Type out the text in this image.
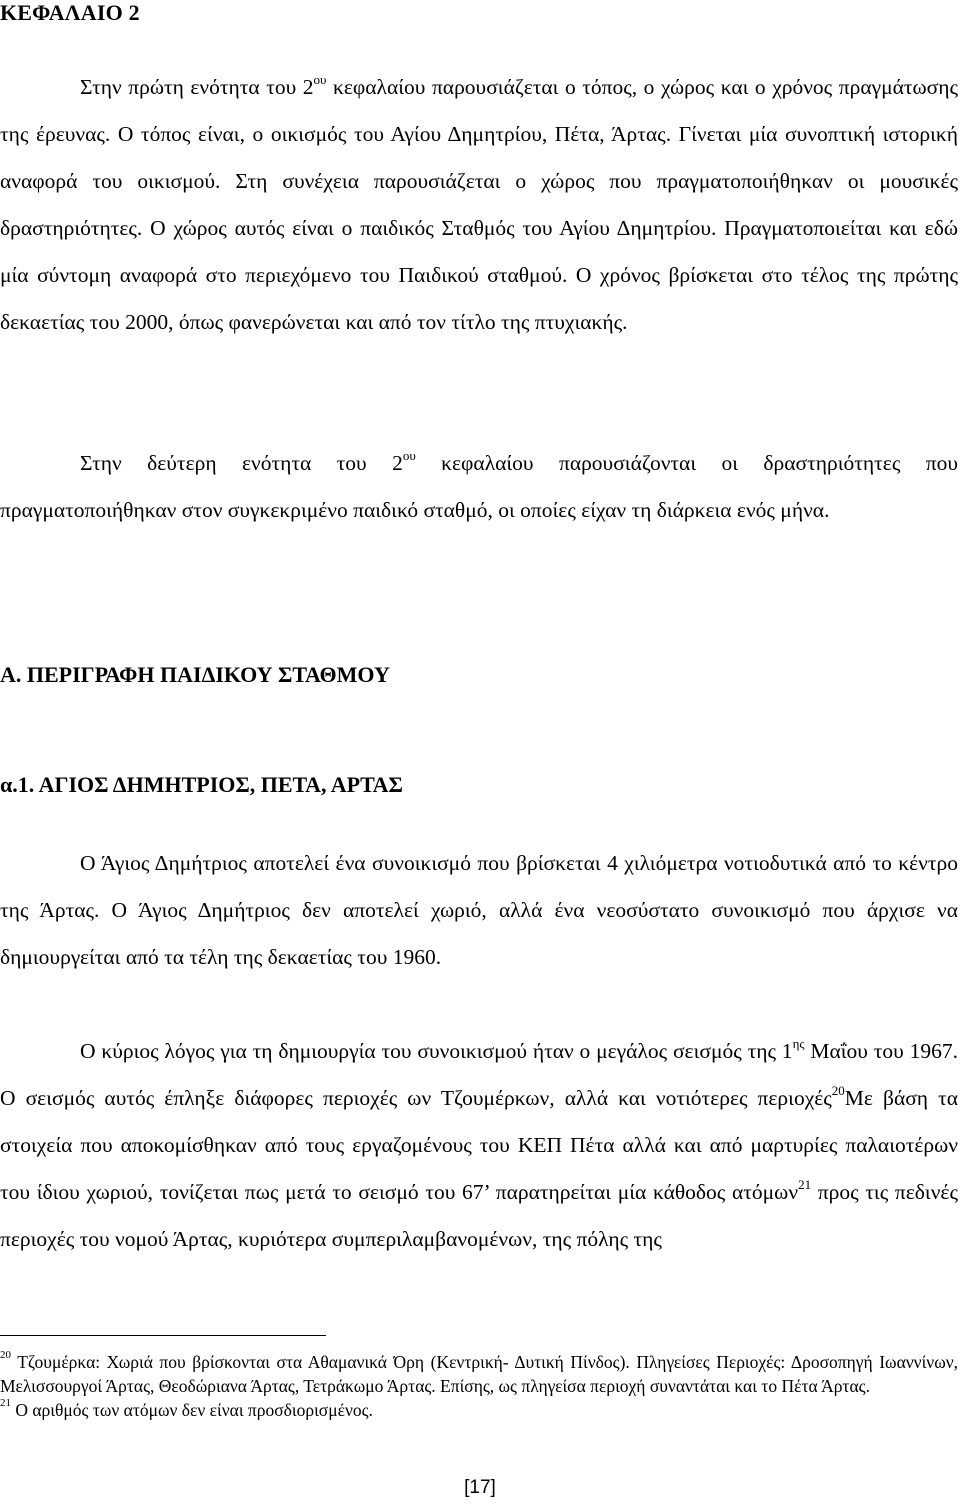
ΚΕΦΑΛΑΙΟ 2

Στην πρώτη ενότητα του $2^{o\upsilon}$ κεφαλαίου παρουσιάζεται ο τόπος, ο χώρος και ο χρόνος πραγμάτωσης της έρευνας. Ο τόπος είναι, ο οικισμός του Αγίου Δημητρίου, Πέτα, Άρτας. Γίνεται μία συνοπτική ιστορική αναφορά του οικισμού. Στη συνέχεια παρουσιάζεται ο χώρος που πραγματοποιήθηκαν οι μουσικές δραστηριότητες. Ο χώρος αυτός είναι ο παιδικός Σταθμός του Αγίου Δημητρίου. Πραγματοποιείται και εδώ μία σύντομη αναφορά στο περιεχόμενο του Παιδικού σταθμού. Ο χρόνος βρίσκεται στο τέλος της πρώτης δεκαετίας του 2000, όπως φανερώνεται και από τον τίτλο της πτυχιακής.

Στην δεύτερη ενότητα του $2^{o\upsilon}$ κεφαλαίου παρουσιάζονται οι δραστηριότητες που πραγματοποιήθηκαν στον συγκεκριμένο παιδικό σταθμό, οι οποίες είχαν τη διάρκεια ενός μήνα.

Α. ΠΕΡΙΓΡΑΦΗ ΠΑΙΔΙΚΟΥ ΣΤΑΘΜΟΥ
α.1. ΑΓΙΟΣ ΔΗΜΗΤΡΙΟΣ, ΠΕΤΑ, ΑΡΤΑΣ

Ο Άγιος Δημήτριος αποτελεί ένα συνοικισμό που βρίσκεται 4 χιλιόμετρα νοτιοδυτικά από το κέντρο της Άρτας. Ο Άγιος Δημήτριος δεν αποτελεί χωριό, αλλά ένα νεοσύστατο συνοικισμό που άρχισε να δημιουργείται από τα τέλη της δεκαετίας του 1960.

Ο κύριος λόγος για τη δημιουργία του συνοικισμού ήταν ο μεγάλος σεισμός της $1^{\eta\varsigma}$ Μαΐου του 1967. Ο σεισμός αυτός έπληξε διάφορες περιοχές ων Τζουμέρκων, αλλά και νοτιότερες περιοχές$^{20}$Με βάση τα στοιχεία που αποκομίσθηκαν από τους εργαζομένους του ΚΕΠ Πέτα αλλά και από μαρτυρίες παλαιοτέρων του ίδιου χωριού, τονίζεται πως μετά το σεισμό του 67’ παρατηρείται μία κάθοδος ατόμων$^{21}$ προς τις πεδινές περιοχές του νομού Άρτας, κυριότερα συμπεριλαμβανομένων, της πόλης της

$^{20}$ Τζουμέρκα: Χωριά που βρίσκονται στα Αθαμανικά Όρη (Κεντρική- Δυτική Πίνδος). Πληγείσες Περιοχές: Δροσοπηγή Ιωαννίνων, Μελισσουργοί Άρτας, Θεοδώριανα Άρτας, Τετράκωμο Άρτας. Επίσης, ως πληγείσα περιοχή συναντάται και το Πέτα Άρτας.

$^{21}$ Ο αριθμός των ατόμων δεν είναι προσδιορισμένος.

[17]
